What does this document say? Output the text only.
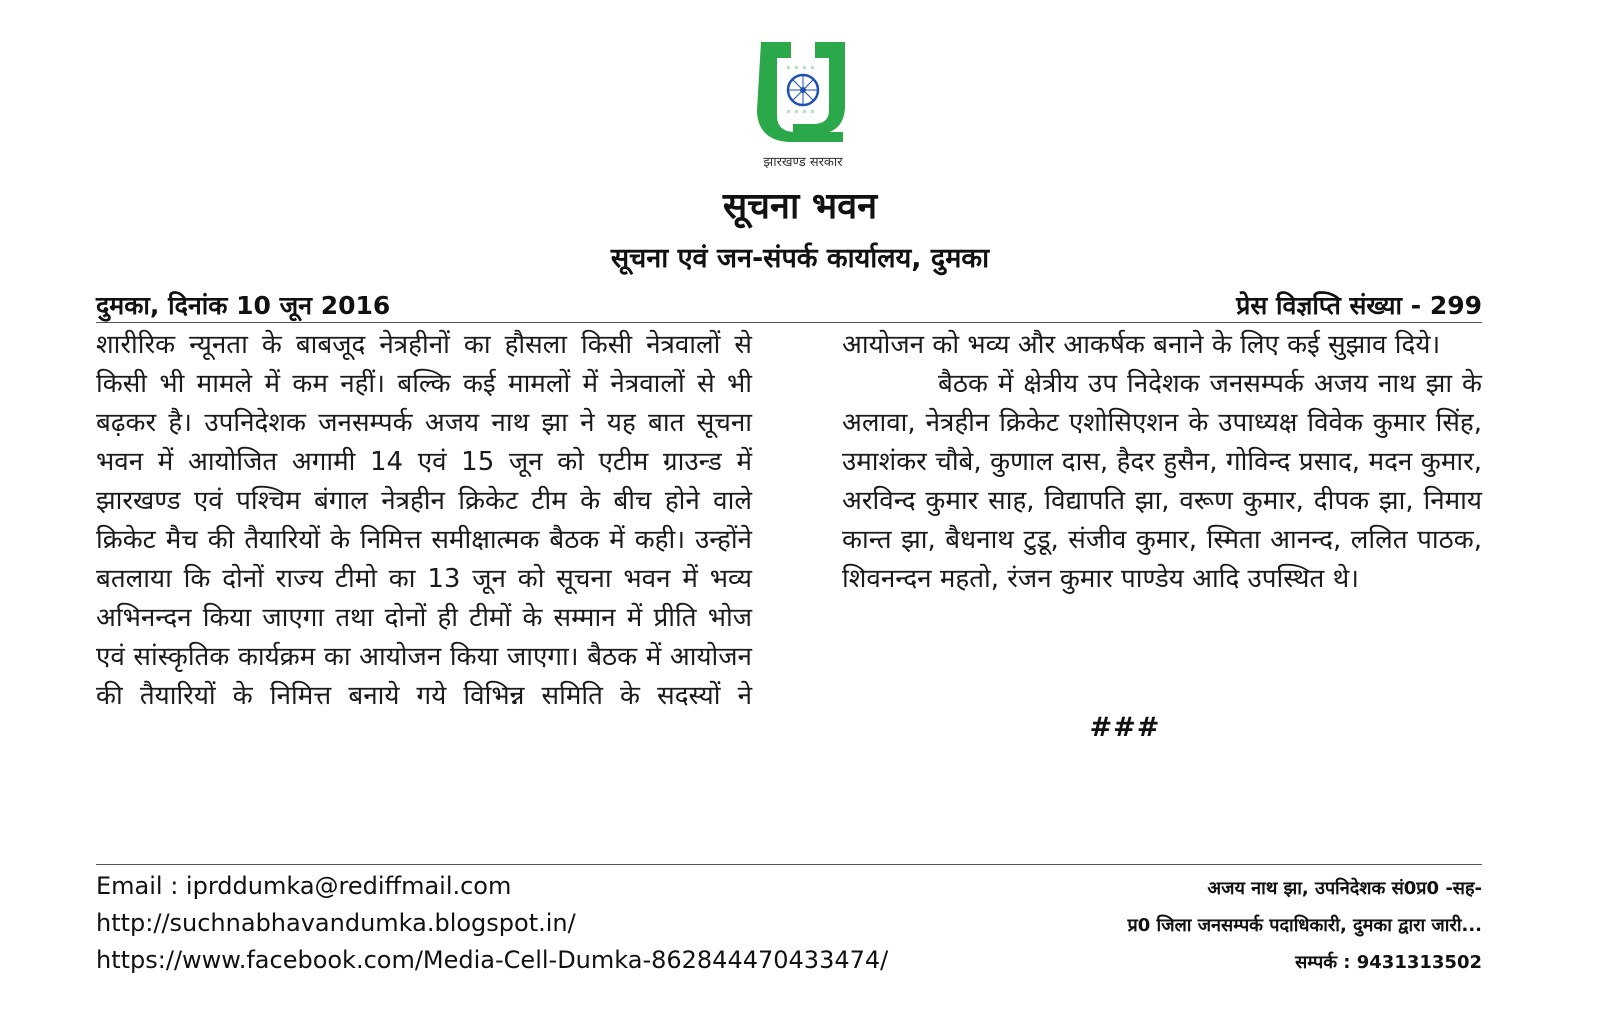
झारखण्ड सरकार
सूचना भवन
सूचना एवं जन-संपर्क कार्यालय, दुमका
दुमका, दिनांक 10 जून 2016	प्रेस विज्ञप्ति संख्या - 299

शारीरिक न्यूनता के बाबजूद नेत्रहीनों का हौसला किसी नेत्रवालों से किसी भी मामले में कम नहीं। बल्कि कई मामलों में नेत्रवालों से भी बढ़कर है। उपनिदेशक जनसम्पर्क अजय नाथ झा ने यह बात सूचना भवन में आयोजित अगामी 14 एवं 15 जून को एटीम ग्राउन्ड में झारखण्ड एवं पश्चिम बंगाल नेत्रहीन क्रिकेट टीम के बीच होने वाले क्रिकेट मैच की तैयारियों के निमित्त समीक्षात्मक बैठक में कही। उन्होंने बतलाया कि दोनों राज्य टीमो का 13 जून को सूचना भवन में भव्य अभिनन्दन किया जाएगा तथा दोनों ही टीमों के सम्मान में प्रीति भोज एवं सांस्कृतिक कार्यक्रम का आयोजन किया जाएगा। बैठक में आयोजन की तैयारियों के निमित्त बनाये गये विभिन्न समिति के सदस्यों ने

आयोजन को भव्य और आकर्षक बनाने के लिए कई सुझाव दिये।

बैठक में क्षेत्रीय उप निदेशक जनसम्पर्क अजय नाथ झा के अलावा, नेत्रहीन क्रिकेट एशोसिएशन के उपाध्यक्ष विवेक कुमार सिंह, उमाशंकर चौबे, कुणाल दास, हैदर हुसैन, गोविन्द प्रसाद, मदन कुमार, अरविन्द कुमार साह, विद्यापति झा, वरूण कुमार, दीपक झा, निमाय कान्त झा, बैधनाथ टुडू, संजीव कुमार, स्मिता आनन्द, ललित पाठक, शिवनन्दन महतो, रंजन कुमार पाण्डेय आदि उपस्थित थे।

###
Email : iprddumka@rediffmail.com
http://suchnabhavandumka.blogspot.in/
https://www.facebook.com/Media-Cell-Dumka-862844470433474/
अजय नाथ झा, उपनिदेशक सं0प्र0 -सह-
प्र0 जिला जनसम्पर्क पदाधिकारी, दुमका द्वारा जारी...
सम्पर्क : 9431313502
